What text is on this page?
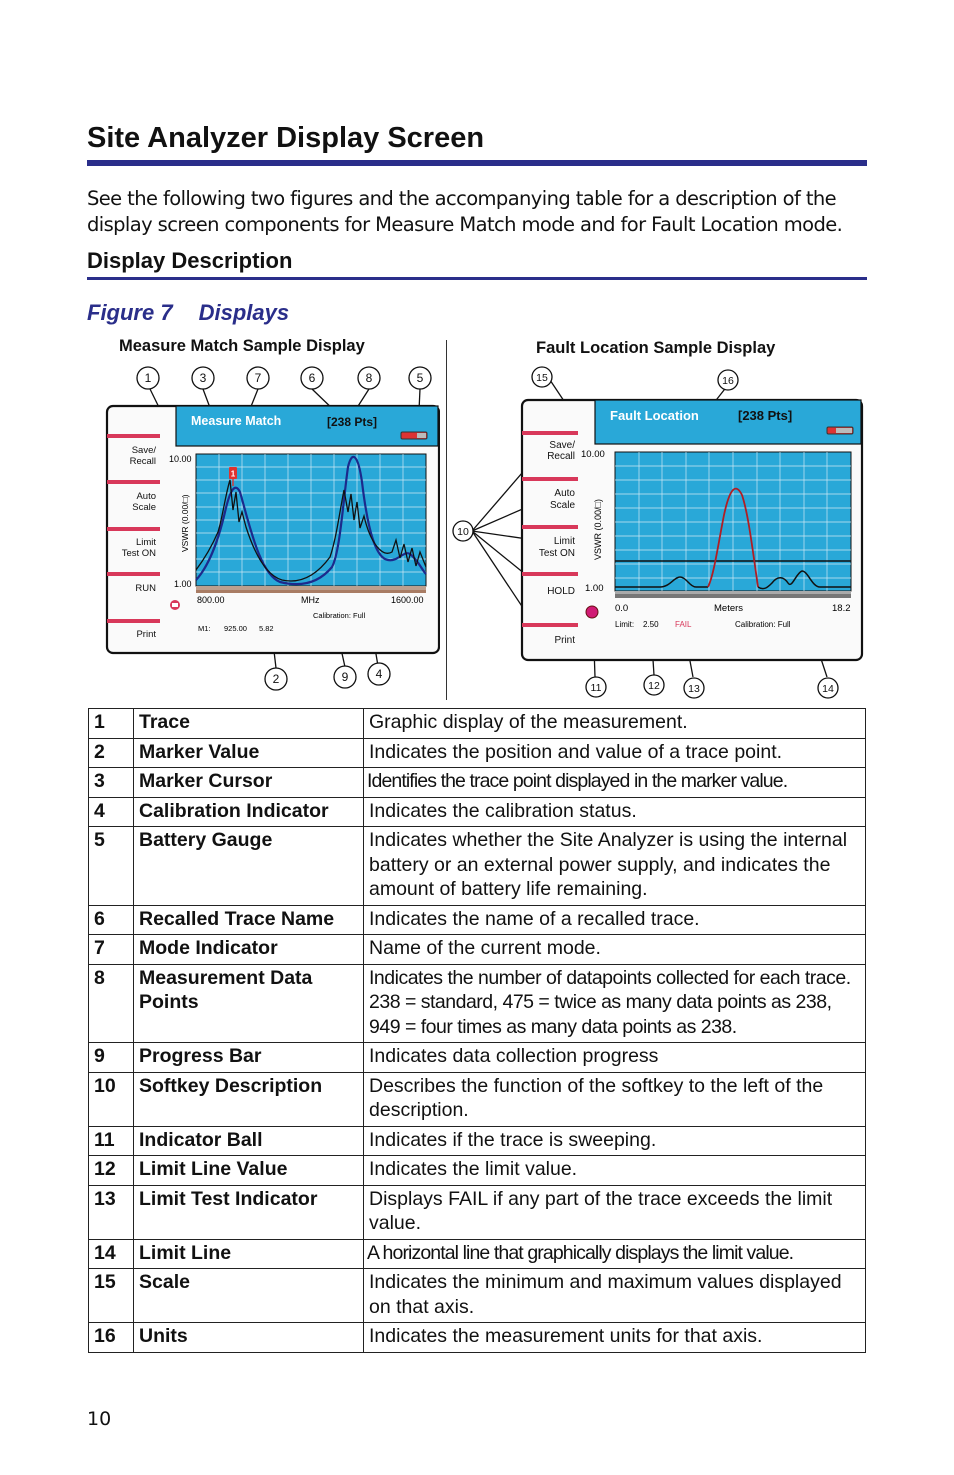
Site Analyzer Display Screen

See the following two figures and the accompanying table for a description of the display screen components for Measure Match mode and for Fault Location mode.

Display Description
Figure 7 Displays
Measure Match Sample Display	Fault Location Sample Display
Measure Match	[238 Pts]
Save/
Recall
Auto
Scale
Limit
Test ON
RUN
Print
1
10.00
1.00
VSWR (0.00/□)
800.00	MHz	1600.00
Calibration: Full
M1: 925.00 5.82
1	3	7	6	8	5
2	9 4
Fault Location	[238 Pts]
Save/
Recall
Auto
Scale
Limit
Test ON
HOLD
Print
10.00
1.00
VSWR (0.00/□)
0.0	Meters	18.2
Limit: 2.50 FAIL	Calibration: Full
15	16
10
11	12	13	14
1	Trace	Graphic display of the measurement.
2	Marker Value	Indicates the position and value of a trace point.
3	Marker Cursor	Identifies the trace point displayed in the marker value.
4	Calibration Indicator	Indicates the calibration status.
5	Battery Gauge	Indicates whether the Site Analyzer is using the internal battery or an external power supply, and indicates the amount of battery life remaining.
6	Recalled Trace Name	Indicates the name of a recalled trace.
7	Mode Indicator	Name of the current mode.
8	Measurement Data Points	Indicates the number of datapoints collected for each trace. 238 = standard, 475 = twice as many data points as 238, 949 = four times as many data points as 238.
9	Progress Bar	Indicates data collection progress
10	Softkey Description	Describes the function of the softkey to the left of the description.
11	Indicator Ball	Indicates if the trace is sweeping.
12	Limit Line Value	Indicates the limit value.
13	Limit Test Indicator	Displays FAIL if any part of the trace exceeds the limit value.
14	Limit Line	A horizontal line that graphically displays the limit value.
15	Scale	Indicates the minimum and maximum values displayed on that axis.
16	Units	Indicates the measurement units for that axis.
10
